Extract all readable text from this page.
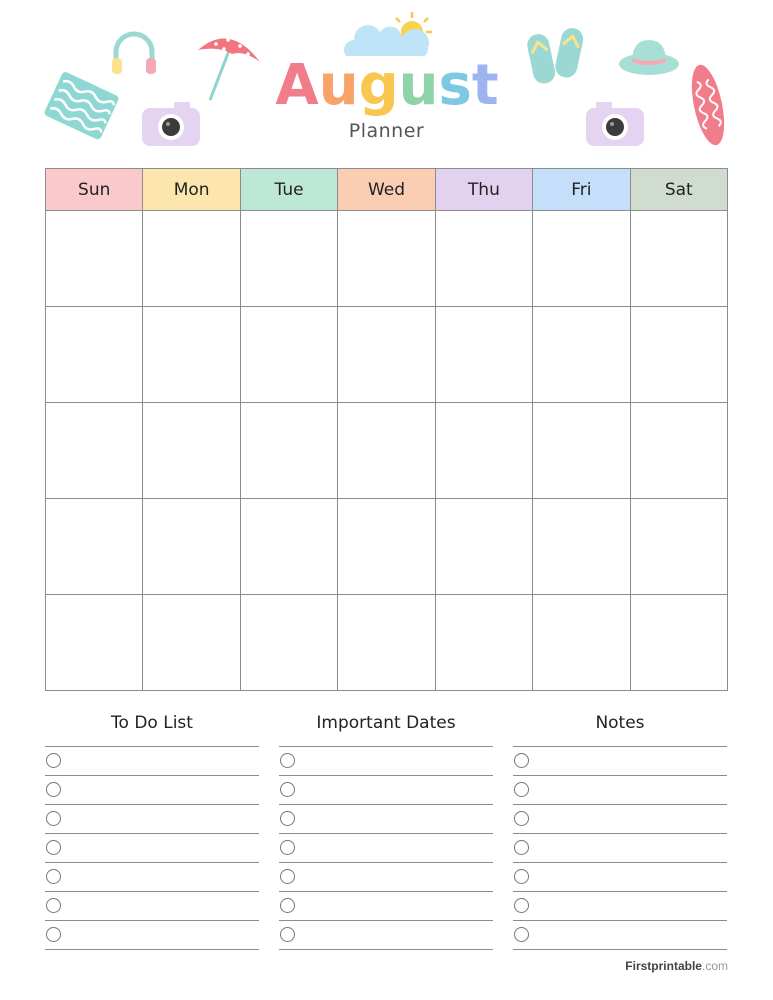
August
Planner
Sun	Mon	Tue	Wed	Thu	Fri	Sat

To Do List	Important Dates	Notes
Firstprintable.com
